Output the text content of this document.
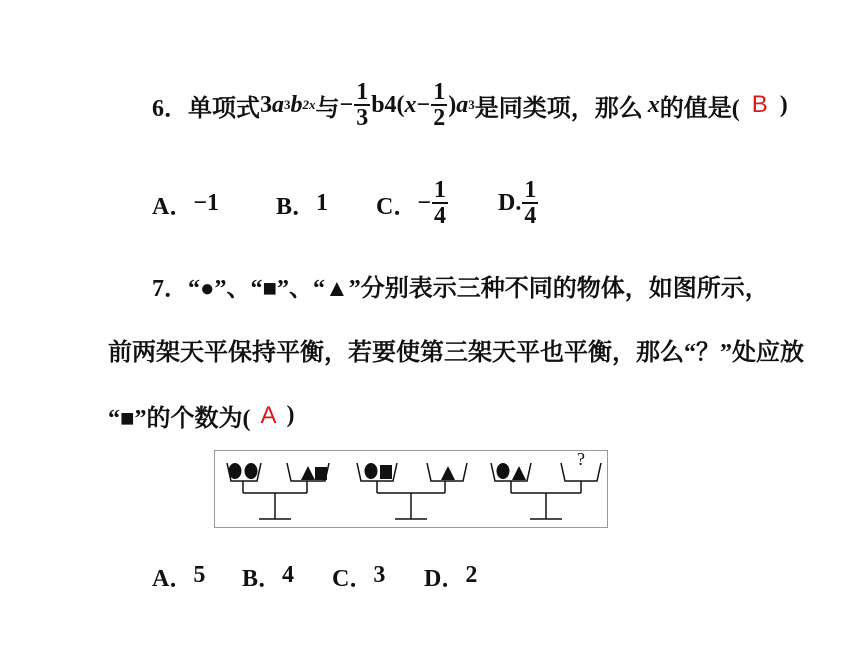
6． 单项式 3 a 3 b 2x 与 − $\frac{1}{3} b4$( $x - \frac{1}{2}$ ) a 3 是同类项，那么 x 的值是( B )
A． −1 B． 1 C． − $\frac{1}{4} D$. $\frac{1}{4}$
7． “●”、“■”、“▲”分别表示三种不同的物体，如图所示，
前两架天平保持平衡，若要使第三架天平也平衡，那么“？”处应放
“■”的个数为( A )
?
A． 5 B． 4 C． 3 D． 2
